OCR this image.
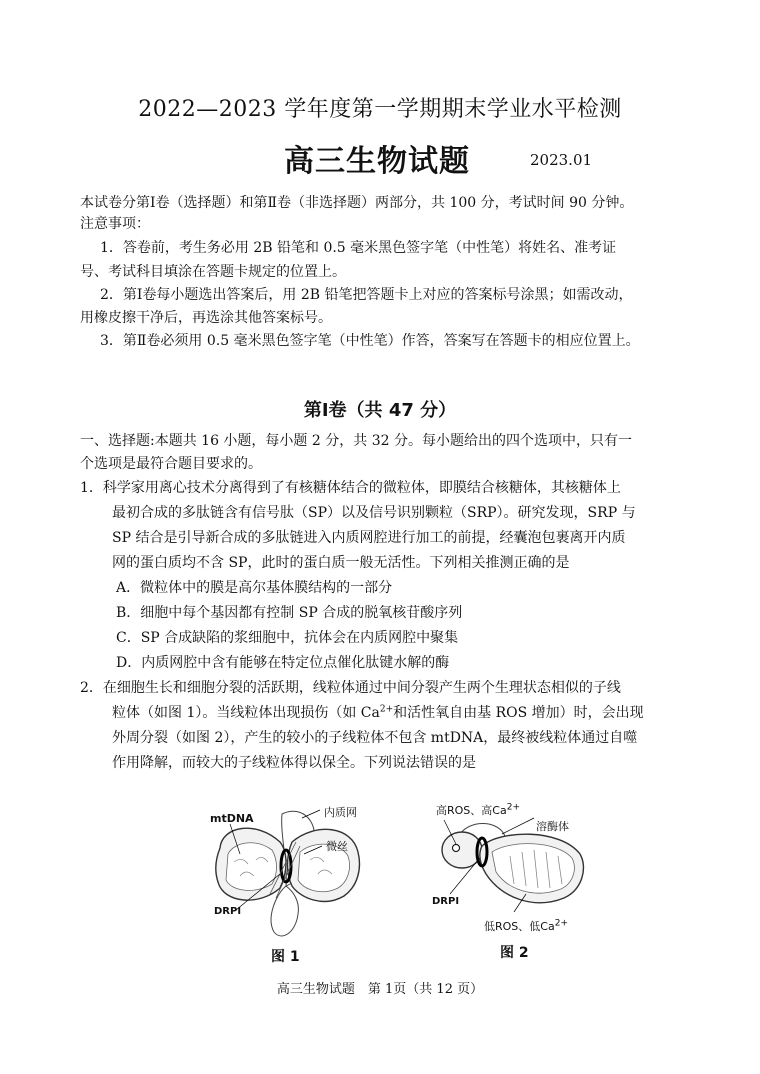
2022—2023 学年度第一学期期末学业水平检测
高三生物试题	2023.01
本试卷分第Ⅰ卷（选择题）和第Ⅱ卷（非选择题）两部分，共 100 分，考试时间 90 分钟。
注意事项：
1．答卷前，考生务必用 2B 铅笔和 0.5 毫米黑色签字笔（中性笔）将姓名、准考证
号、考试科目填涂在答题卡规定的位置上。
2．第Ⅰ卷每小题选出答案后，用 2B 铅笔把答题卡上对应的答案标号涂黑；如需改动，
用橡皮擦干净后，再选涂其他答案标号。
3．第Ⅱ卷必须用 0.5 毫米黑色签字笔（中性笔）作答，答案写在答题卡的相应位置上。
第Ⅰ卷（共 47 分）
一、选择题:本题共 16 小题，每小题 2 分，共 32 分。每小题给出的四个选项中，只有一
个选项是最符合题目要求的。
1．科学家用离心技术分离得到了有核糖体结合的微粒体，即膜结合核糖体，其核糖体上
最初合成的多肽链含有信号肽（SP）以及信号识别颗粒（SRP）。研究发现，SRP 与
SP 结合是引导新合成的多肽链进入内质网腔进行加工的前提，经囊泡包裹离开内质
网的蛋白质均不含 SP，此时的蛋白质一般无活性。下列相关推测正确的是
A．微粒体中的膜是高尔基体膜结构的一部分
B．细胞中每个基因都有控制 SP 合成的脱氧核苷酸序列
C．SP 合成缺陷的浆细胞中，抗体会在内质网腔中聚集
D．内质网腔中含有能够在特定位点催化肽键水解的酶
2．在细胞生长和细胞分裂的活跃期，线粒体通过中间分裂产生两个生理状态相似的子线
粒体（如图 1）。当线粒体出现损伤（如 $Ca^{2+}$和活性氧自由基 ROS 增加）时，会出现
外周分裂（如图 2），产生的较小的子线粒体不包含 mtDNA，最终被线粒体通过自噬
作用降解，而较大的子线粒体得以保全。下列说法错误的是
mtDNA	内质网
微丝
DRPI
图 1
高ROS、高$Ca^{2+}$
溶酶体
DRPI
低ROS、低$Ca^{2+}$
图 2
高三生物试题　第 1页（共 12 页）
